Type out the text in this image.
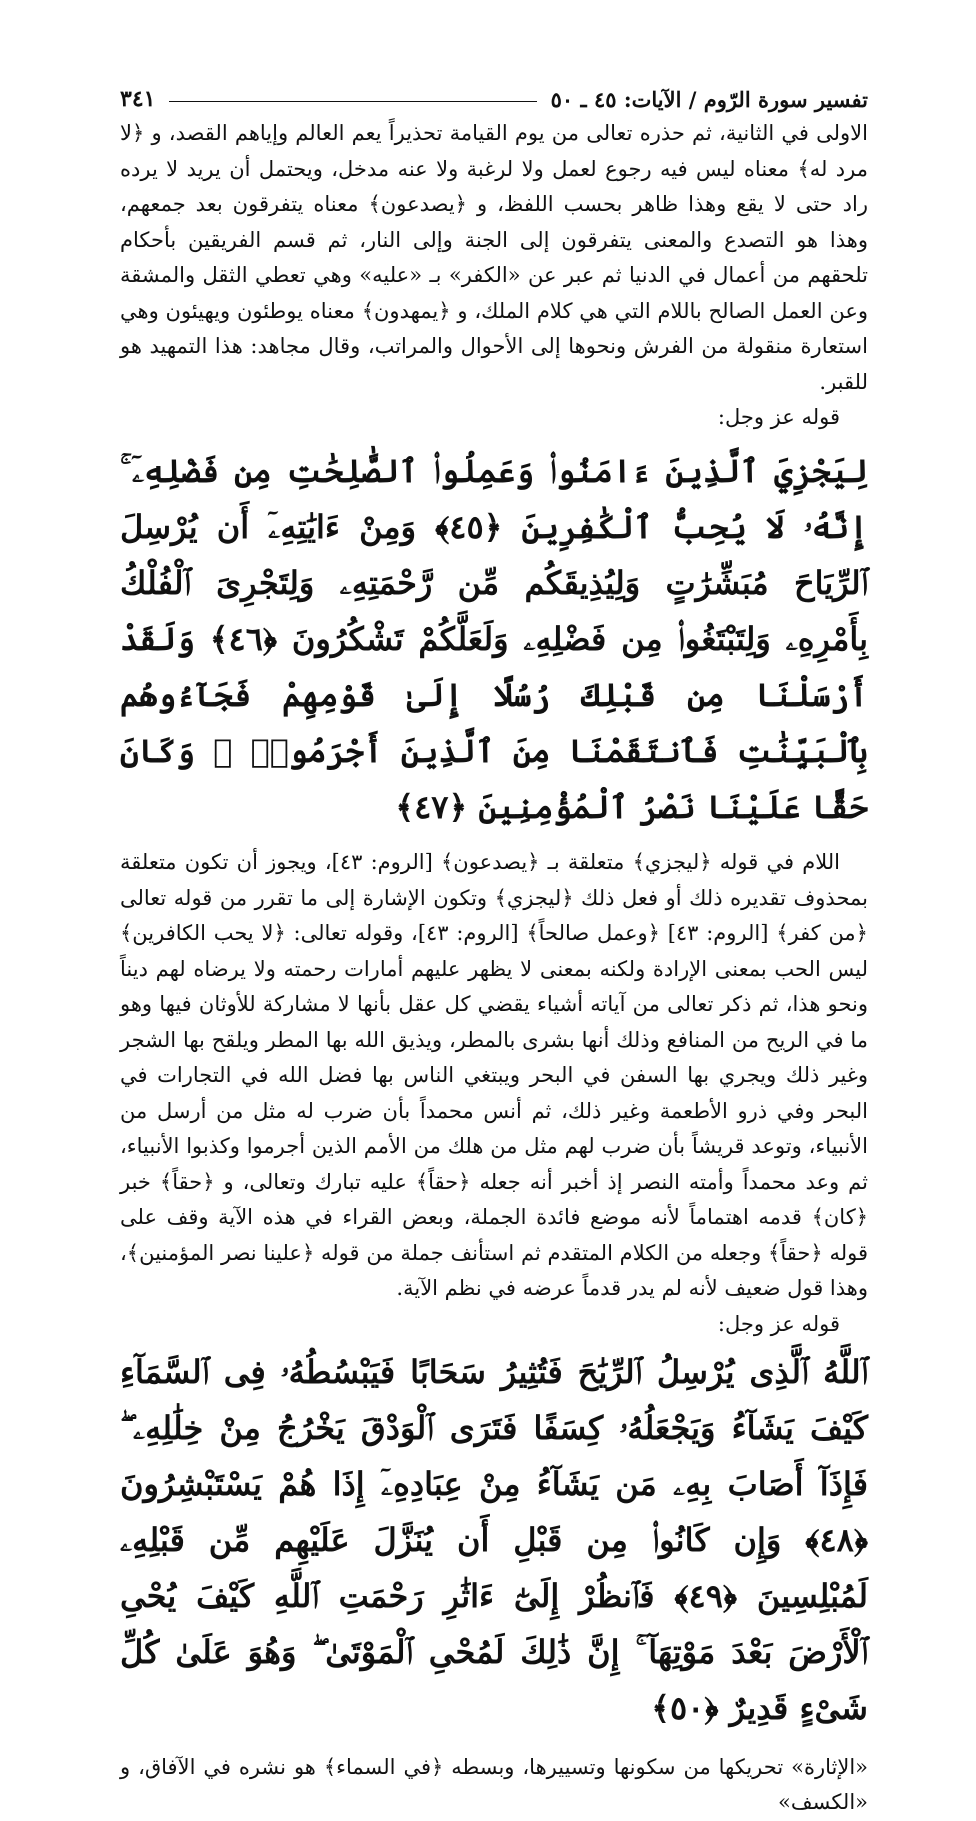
تفسير سورة الرّوم / الآيات: ٤٥ ـ ٥٠
٣٤١

الاولى في الثانية، ثم حذره تعالى من يوم القيامة تحذيراً يعم العالم وإياهم القصد، و ﴿لا مرد له﴾ معناه ليس فيه رجوع لعمل ولا لرغبة ولا عنه مدخل، ويحتمل أن يريد لا يرده راد حتى لا يقع وهذا ظاهر بحسب اللفظ، و ﴿يصدعون﴾ معناه يتفرقون بعد جمعهم، وهذا هو التصدع والمعنى يتفرقون إلى الجنة وإلى النار، ثم قسم الفريقين بأحكام تلحقهم من أعمال في الدنيا ثم عبر عن «الكفر» بـ «عليه» وهي تعطي الثقل والمشقة وعن العمل الصالح باللام التي هي كلام الملك، و ﴿يمهدون﴾ معناه يوطئون ويهيئون وهي استعارة منقولة من الفرش ونحوها إلى الأحوال والمراتب، وقال مجاهد: هذا التمهيد هو للقبر.

قوله عز وجل:

لِيَجْزِيَ ٱلَّذِينَ ءَامَنُوا۟ وَعَمِلُوا۟ ٱلصَّٰلِحَٰتِ مِن فَضْلِهِۦٓ ۚ إِنَّهُۥ لَا يُحِبُّ ٱلْكَٰفِرِينَ ﴿٤٥﴾ وَمِنْ ءَايَٰتِهِۦٓ أَن يُرْسِلَ ٱلرِّيَاحَ مُبَشِّرَٰتٍ وَلِيُذِيقَكُم مِّن رَّحْمَتِهِۦ وَلِتَجْرِىَ ٱلْفُلْكُ بِأَمْرِهِۦ وَلِتَبْتَغُوا۟ مِن فَضْلِهِۦ وَلَعَلَّكُمْ تَشْكُرُونَ ﴿٤٦﴾ وَلَقَدْ أَرْسَلْنَا مِن قَبْلِكَ رُسُلًا إِلَىٰ قَوْمِهِمْ فَجَآءُوهُم بِٱلْبَيِّنَٰتِ فَٱنتَقَمْنَا مِنَ ٱلَّذِينَ أَجْرَمُوا۟ ۖ وَكَانَ حَقًّا عَلَيْنَا نَصْرُ ٱلْمُؤْمِنِينَ ﴿٤٧﴾

اللام في قوله ﴿ليجزي﴾ متعلقة بـ ﴿يصدعون﴾ [الروم: ٤٣]، ويجوز أن تكون متعلقة بمحذوف تقديره ذلك أو فعل ذلك ﴿ليجزي﴾ وتكون الإشارة إلى ما تقرر من قوله تعالى ﴿من كفر﴾ [الروم: ٤٣] ﴿وعمل صالحاً﴾ [الروم: ٤٣]، وقوله تعالى: ﴿لا يحب الكافرين﴾ ليس الحب بمعنى الإرادة ولكنه بمعنى لا يظهر عليهم أمارات رحمته ولا يرضاه لهم ديناً ونحو هذا، ثم ذكر تعالى من آياته أشياء يقضي كل عقل بأنها لا مشاركة للأوثان فيها وهو ما في الريح من المنافع وذلك أنها بشرى بالمطر، ويذيق الله بها المطر ويلقح بها الشجر وغير ذلك ويجري بها السفن في البحر ويبتغي الناس بها فضل الله في التجارات في البحر وفي ذرو الأطعمة وغير ذلك، ثم أنس محمداً بأن ضرب له مثل من أرسل من الأنبياء، وتوعد قريشاً بأن ضرب لهم مثل من هلك من الأمم الذين أجرموا وكذبوا الأنبياء، ثم وعد محمداً وأمته النصر إذ أخبر أنه جعله ﴿حقاً﴾ عليه تبارك وتعالى، و ﴿حقاً﴾ خبر ﴿كان﴾ قدمه اهتماماً لأنه موضع فائدة الجملة، وبعض القراء في هذه الآية وقف على قوله ﴿حقاً﴾ وجعله من الكلام المتقدم ثم استأنف جملة من قوله ﴿علينا نصر المؤمنين﴾، وهذا قول ضعيف لأنه لم يدر قدماً عرضه في نظم الآية.

قوله عز وجل:

ٱللَّهُ ٱلَّذِى يُرْسِلُ ٱلرِّيَٰحَ فَتُثِيرُ سَحَابًا فَيَبْسُطُهُۥ فِى ٱلسَّمَآءِ كَيْفَ يَشَآءُ وَيَجْعَلُهُۥ كِسَفًا فَتَرَى ٱلْوَدْقَ يَخْرُجُ مِنْ خِلَٰلِهِۦ ۖ فَإِذَآ أَصَابَ بِهِۦ مَن يَشَآءُ مِنْ عِبَادِهِۦٓ إِذَا هُمْ يَسْتَبْشِرُونَ ﴿٤٨﴾ وَإِن كَانُوا۟ مِن قَبْلِ أَن يُنَزَّلَ عَلَيْهِم مِّن قَبْلِهِۦ لَمُبْلِسِينَ ﴿٤٩﴾ فَٱنظُرْ إِلَىٰٓ ءَاثَٰرِ رَحْمَتِ ٱللَّهِ كَيْفَ يُحْىِ ٱلْأَرْضَ بَعْدَ مَوْتِهَآ ۚ إِنَّ ذَٰلِكَ لَمُحْىِ ٱلْمَوْتَىٰ ۖ وَهُوَ عَلَىٰ كُلِّ شَىْءٍ قَدِيرٌ ﴿٥٠﴾

«الإثارة» تحريكها من سكونها وتسييرها، وبسطه ﴿في السماء﴾ هو نشره في الآفاق، و «الكسف»
